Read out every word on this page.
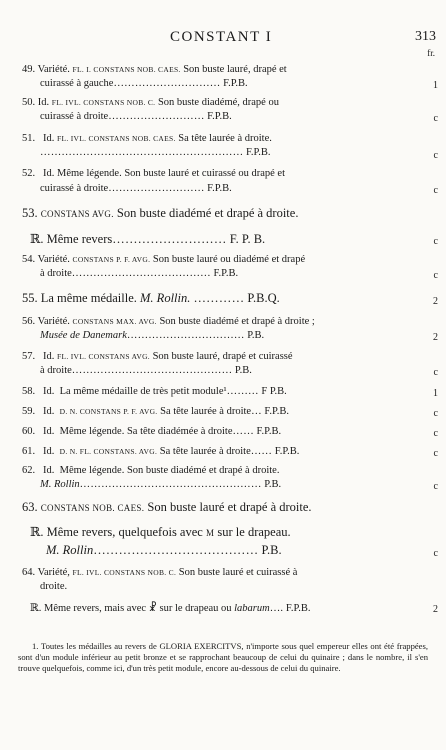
CONSTANT I	313
fr.
49. Variété. FL. I. CONSTANS NOB. CAES. Son buste lauré, drapé et
cuirassé à gauche………………………… F.P.B.	1
50. Id. FL. IVL. CONSTANS NOB. C. Son buste diadémé, drapé ou
cuirassé à droite……………………… F.P.B.	c
51. Id. FL. IVL. CONSTANS NOB. CAES. Sa tête laurée à droite.
………………………………………………… F.P.B.	c
52. Id. Même légende. Son buste lauré et cuirassé ou drapé et
cuirassé à droite……………………… F.P.B.	c
53. CONSTANS AVG. Son buste diadémé et drapé à droite.
ℝ. Même revers……………………… F. P. B.	c
54. Variété. CONSTANS P. F. AVG. Son buste lauré ou diadémé et drapé
à droite………………………………… F.P.B.	c
55. La même médaille. M. Rollin. ………… P.B.Q.	2
56. Variété. CONSTANS MAX. AVG. Son buste diadémé et drapé à droite ;
Musée de Danemark…………………………… P.B.	2
57. Id. FL. IVL. CONSTANS AVG. Son buste lauré, drapé et cuirassé
à droite……………………………………… P.B.	c
58. Id. La même médaille de très petit module¹……… F P.B.	1
59. Id. D. N. CONSTANS P. F. AVG. Sa tête laurée à droite… F.P.B.	c
60. Id. Même légende. Sa tête diadémée à droite…… F.P.B.	c
61. Id. D. N. FL. CONSTANS. AVG. Sa tête laurée à droite…… F.P.B.	c
62. Id. Même légende. Son buste diadémé et drapé à droite.
M. Rollin…………………………………………… P.B.	c
63. CONSTANS NOB. CAES. Son buste lauré et drapé à droite.
ℝ. Même revers, quelquefois avec M sur le drapeau.
M. Rollin………………………………… P.B.	c
64. Variété, FL. IVL. CONSTANS NOB. C. Son buste lauré et cuirassé à
droite.
ℝ. Même revers, mais avec ☧ sur le drapeau ou labarum…. F.P.B.	2
1. Toutes les médailles au revers de GLORIA EXERCITVS, n'importe sous quel empereur elles ont été frappées, sont d'un module inférieur au petit bronze et se rapprochant beaucoup de celui du quinaire ; dans le nombre, il s'en trouve quelquefois, comme ici, d'un très petit module, encore au-dessous de celui du quinaire.
